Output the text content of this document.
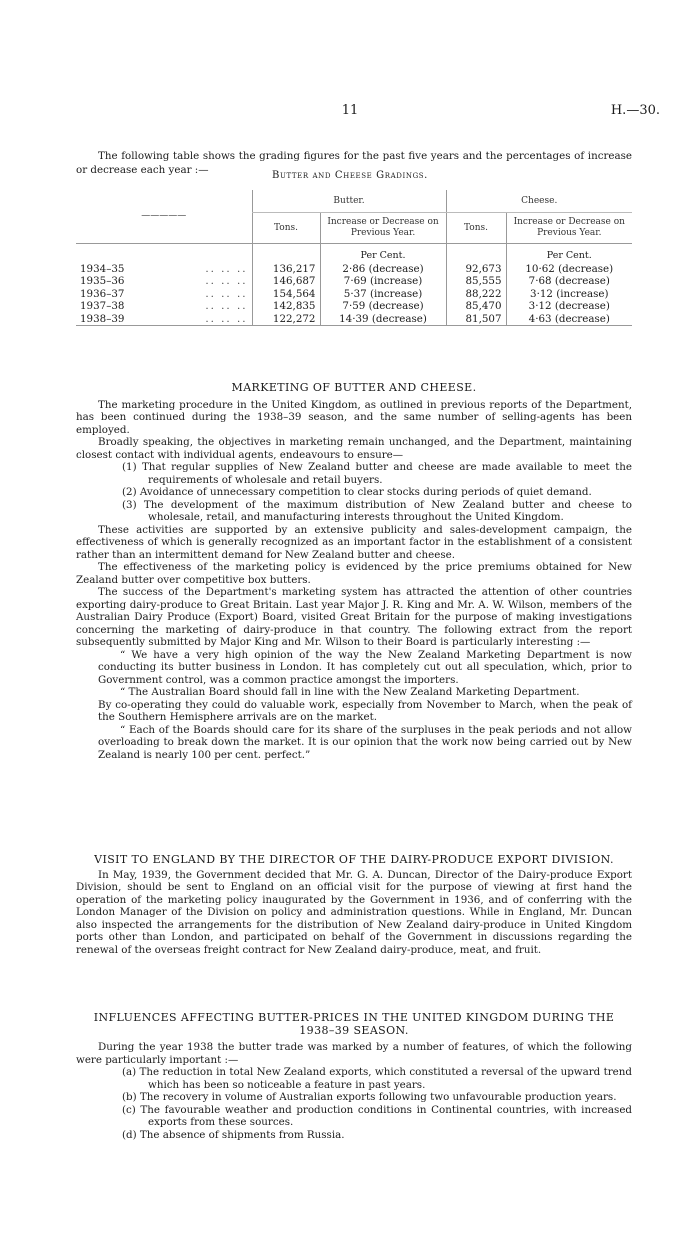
11	H.—30.

The following table shows the grading figures for the past five years and the percentages of increase or decrease each year :—	Butter and Cheese Gradings.
—————	Butter.		Cheese.	
	Tons.	Increase or Decrease on Previous Year.	Tons.	Increase or Decrease on Previous Year.
		Per Cent.		Per Cent.
1934–35 .. .. ..	136,217	2·86 (decrease)	92,673	10·62 (decrease)
1935–36 .. .. ..	146,687	7·69 (increase)	85,555	7·68 (decrease)
1936–37 .. .. ..	154,564	5·37 (increase)	88,222	3·12 (increase)
1937–38 .. .. ..	142,835	7·59 (decrease)	85,470	3·12 (decrease)
1938–39 .. .. ..	122,272	14·39 (decrease)	81,507	4·63 (decrease)
MARKETING OF BUTTER AND CHEESE.

The marketing procedure in the United Kingdom, as outlined in previous reports of the Department, has been continued during the 1938–39 season, and the same number of selling-agents has been employed.

Broadly speaking, the objectives in marketing remain unchanged, and the Department, maintaining closest contact with individual agents, endeavours to ensure—

(1) That regular supplies of New Zealand butter and cheese are made available to meet the requirements of wholesale and retail buyers.

(2) Avoidance of unnecessary competition to clear stocks during periods of quiet demand.

(3) The development of the maximum distribution of New Zealand butter and cheese to wholesale, retail, and manufacturing interests throughout the United Kingdom.

These activities are supported by an extensive publicity and sales-development campaign, the effectiveness of which is generally recognized as an important factor in the establishment of a consistent rather than an intermittent demand for New Zealand butter and cheese.

The effectiveness of the marketing policy is evidenced by the price premiums obtained for New Zealand butter over competitive box butters.

The success of the Department's marketing system has attracted the attention of other countries exporting dairy-produce to Great Britain. Last year Major J. R. King and Mr. A. W. Wilson, members of the Australian Dairy Produce (Export) Board, visited Great Britain for the purpose of making investigations concerning the marketing of dairy-produce in that country. The following extract from the report subsequently submitted by Major King and Mr. Wilson to their Board is particularly interesting :—

“ We have a very high opinion of the way the New Zealand Marketing Department is now conducting its butter business in London. It has completely cut out all speculation, which, prior to Government control, was a common practice amongst the importers.

“ The Australian Board should fall in line with the New Zealand Marketing Department.

By co-operating they could do valuable work, especially from November to March, when the peak of the Southern Hemisphere arrivals are on the market.

“ Each of the Boards should care for its share of the surpluses in the peak periods and not allow overloading to break down the market. It is our opinion that the work now being carried out by New Zealand is nearly 100 per cent. perfect.”

VISIT TO ENGLAND BY THE DIRECTOR OF THE DAIRY-PRODUCE EXPORT DIVISION.

In May, 1939, the Government decided that Mr. G. A. Duncan, Director of the Dairy-produce Export Division, should be sent to England on an official visit for the purpose of viewing at first hand the operation of the marketing policy inaugurated by the Government in 1936, and of conferring with the London Manager of the Division on policy and administration questions. While in England, Mr. Duncan also inspected the arrangements for the distribution of New Zealand dairy-produce in United Kingdom ports other than London, and participated on behalf of the Government in discussions regarding the renewal of the overseas freight contract for New Zealand dairy-produce, meat, and fruit.

INFLUENCES AFFECTING BUTTER-PRICES IN THE UNITED KINGDOM DURING THE
1938–39 SEASON.

During the year 1938 the butter trade was marked by a number of features, of which the following were particularly important :—

(a) The reduction in total New Zealand exports, which constituted a reversal of the upward trend which has been so noticeable a feature in past years.

(b) The recovery in volume of Australian exports following two unfavourable production years.

(c) The favourable weather and production conditions in Continental countries, with increased exports from these sources.

(d) The absence of shipments from Russia.
